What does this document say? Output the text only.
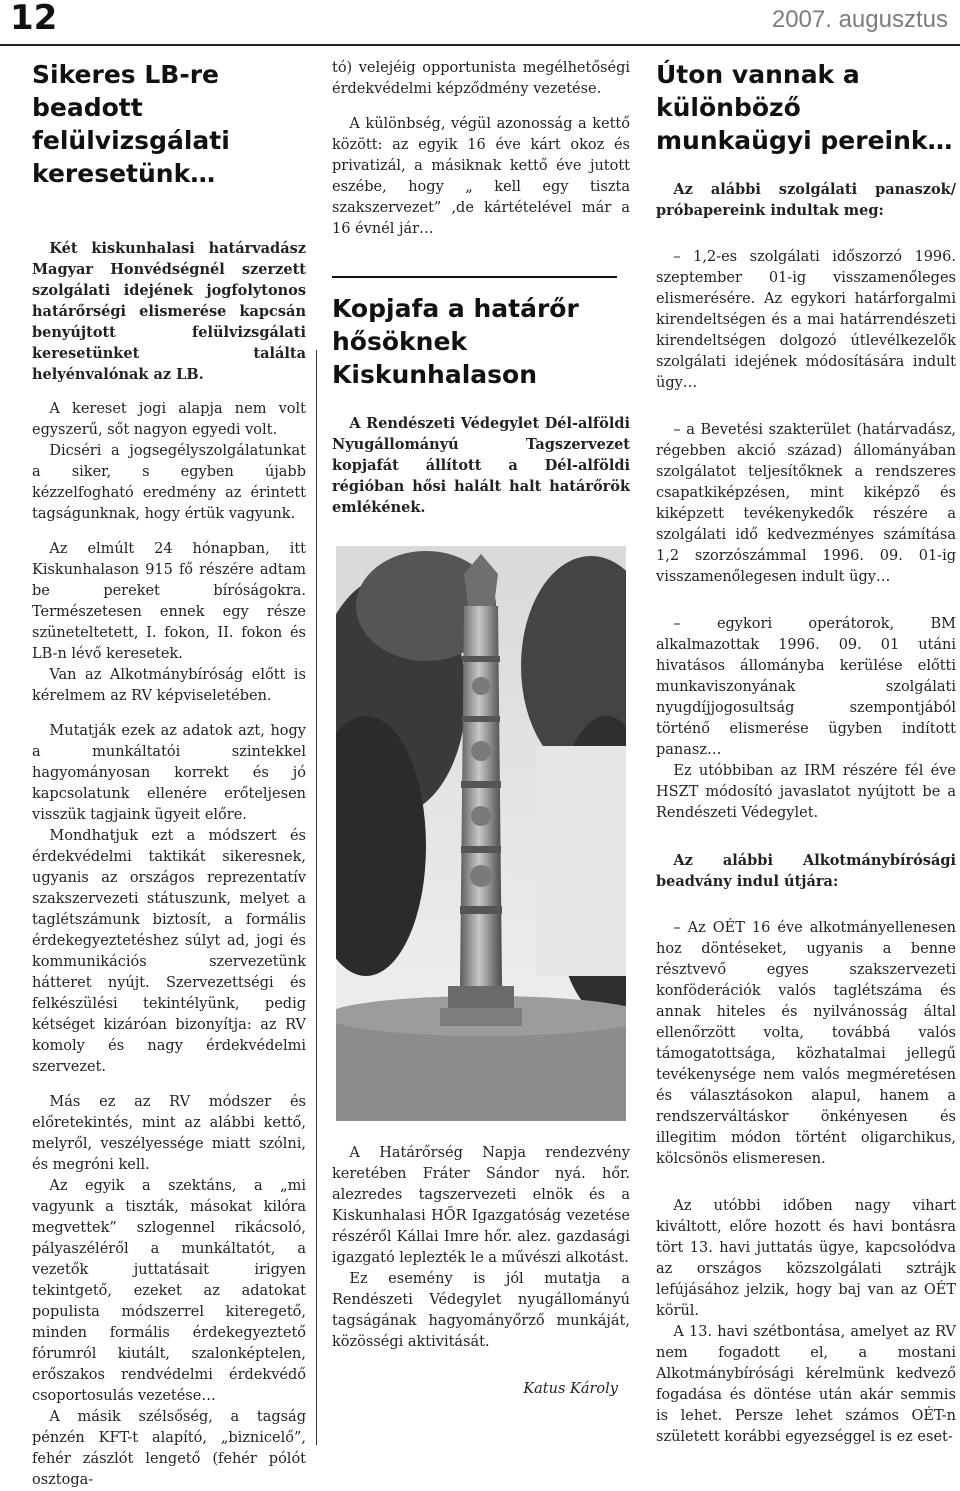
12	2007. augusztus
Sikeres LB-re beadott felülvizsgálati keresetünk…

Két kiskunhalasi határvadász Magyar Honvédségnél szerzett szolgálati idejének jogfolytonos határőrségi elismerése kapcsán benyújtott felülvizsgálati keresetünket találta helyénvalónak az LB.

A kereset jogi alapja nem volt egyszerű, sőt nagyon egyedi volt.

Dicséri a jogsegélyszolgálatunkat a siker, s egyben újabb kézzelfogható eredmény az érintett tagságunknak, hogy értük vagyunk.

Az elmúlt 24 hónapban, itt Kiskunhalason 915 fő részére adtam be pereket bíróságokra. Természetesen ennek egy része szüneteltetett, I. fokon, II. fokon és LB-n lévő keresetek.

Van az Alkotmánybíróság előtt is kérelmem az RV képviseletében.

Mutatják ezek az adatok azt, hogy a munkáltatói szintekkel hagyományosan korrekt és jó kapcsolatunk ellenére erőteljesen visszük tagjaink ügyeit előre.

Mondhatjuk ezt a módszert és érdekvédelmi taktikát sikeresnek, ugyanis az országos reprezentatív szakszervezeti státuszunk, melyet a taglétszámunk biztosít, a formális érdekegyeztetéshez súlyt ad, jogi és kommunikációs szervezetünk hátteret nyújt. Szervezettségi és felkészülési tekintélyünk, pedig kétséget kizáróan bizonyítja: az RV komoly és nagy érdekvédelmi szervezet.

Más ez az RV módszer és előretekintés, mint az alábbi kettő, melyről, veszélyessége miatt szólni, és megróni kell.

Az egyik a szektáns, a „mi vagyunk a tiszták, másokat kilóra megvettek” szlogennel rikácsoló, pályaszéléről a munkáltatót, a vezetők juttatásait irigyen tekintgető, ezeket az adatokat populista módszerrel kiteregető, minden formális érdekegyeztető fórumról kiutált, szalonképtelen, erőszakos rendvédelmi érdekvédő csoportosulás vezetése…

A másik szélsőség, a tagság pénzén KFT-t alapító, „biznicelő”, fehér zászlót lengető (fehér pólót osztoga-

tó) velejéig opportunista megélhetőségi érdekvédelmi képződmény vezetése.

A különbség, végül azonosság a kettő között: az egyik 16 éve kárt okoz és privatizál, a másiknak kettő éve jutott eszébe, hogy „ kell egy tiszta szakszervezet” ,de kártételével már a 16 évnél jár…

Kopjafa a határőr hősöknek Kiskunhalason

A Rendészeti Védegylet Dél-alföldi Nyugállományú Tagszervezet kopjafát állított a Dél-alföldi régióban hősi halált halt határőrök emlékének.

A Határőrség Napja rendezvény keretében Fráter Sándor nyá. hőr. alezredes tagszervezeti elnök és a Kiskunhalasi HŐR Igazgatóság vezetése részéről Kállai Imre hőr. alez. gazdasági igazgató leplezték le a művészi alkotást.

Ez esemény is jól mutatja a Rendészeti Védegylet nyugállományú tagságának hagyományőrző munkáját, közösségi aktivitását.

Katus Károly

Úton vannak a különböző munkaügyi pereink…

Az alábbi szolgálati panaszok/ próbapereink indultak meg:

– 1,2-es szolgálati időszorzó 1996. szeptember 01-ig visszamenőleges elismerésére. Az egykori határforgalmi kirendeltségen és a mai határrendészeti kirendeltségen dolgozó útlevélkezelők szolgálati idejének módosítására indult ügy…

– a Bevetési szakterület (határvadász, régebben akció század) állományában szolgálatot teljesítőknek a rendszeres csapatkiképzésen, mint kiképző és kiképzett tevékenykedők részére a szolgálati idő kedvezményes számítása 1,2 szorzószámmal 1996. 09. 01-ig visszamenőlegesen indult ügy…

– egykori operátorok, BM alkalmazottak 1996. 09. 01 utáni hivatásos állományba kerülése előtti munkaviszonyának szolgálati nyugdíjjogosultság szempontjából történő elismerése ügyben indított panasz…

Ez utóbbiban az IRM részére fél éve HSZT módosító javaslatot nyújtott be a Rendészeti Védegylet.

Az alábbi Alkotmánybírósági beadvány indul útjára:

– Az OÉT 16 éve alkotmányellenesen hoz döntéseket, ugyanis a benne résztvevő egyes szakszervezeti konföderációk valós taglétszáma és annak hiteles és nyilvánosság által ellenőrzött volta, továbbá valós támogatottsága, közhatalmai jellegű tevékenysége nem valós megméretésen és választásokon alapul, hanem a rendszerváltáskor önkényesen és illegitim módon történt oligarchikus, kölcsönös elismeresen.

Az utóbbi időben nagy vihart kiváltott, előre hozott és havi bontásra tört 13. havi juttatás ügye, kapcsolódva az országos közszolgálati sztrájk lefújásához jelzik, hogy baj van az OÉT körül.

A 13. havi szétbontása, amelyet az RV nem fogadott el, a mostani Alkotmánybírósági kérelmünk kedvező fogadása és döntése után akár semmis is lehet. Persze lehet számos OÉT-n született korábbi egyezséggel is ez eset-
